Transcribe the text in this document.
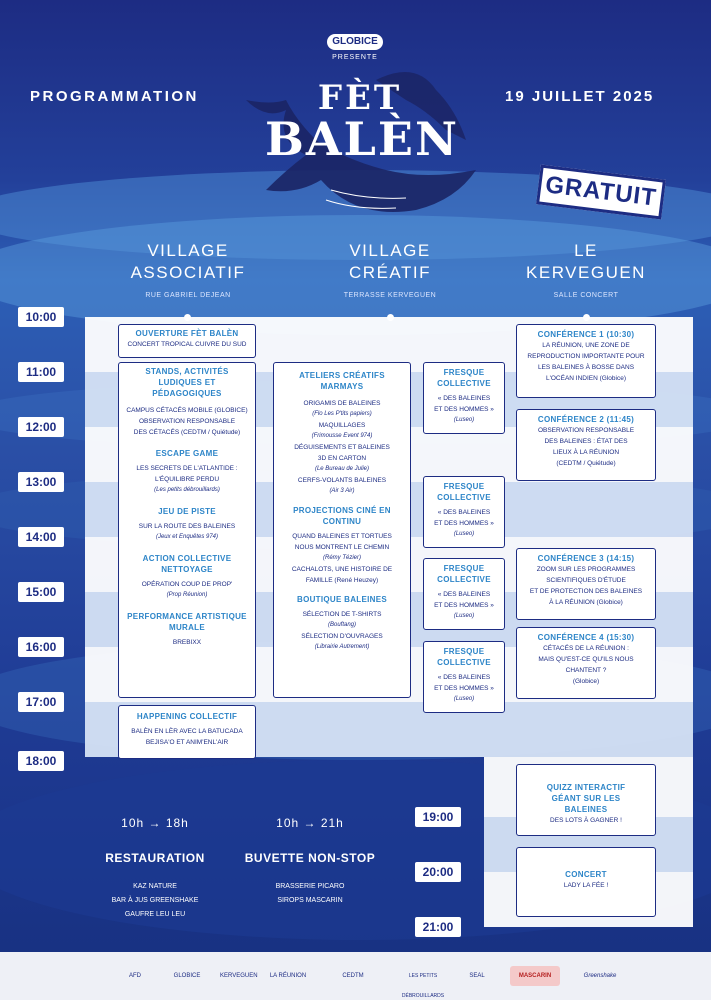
GLOBICE
PRESENTE
PROGRAMMATION	19 JUILLET 2025
FÈT
BALÈN
GRATUIT
VILLAGE
ASSOCIATIF
RUE GABRIEL DEJEAN
VILLAGE
CRÉATIF
TERRASSE KERVEGUEN
LE
KERVEGUEN
SALLE CONCERT
10:00
11:00
12:00
13:00
14:00
15:00
16:00
17:00
18:00
19:00
20:00
21:00
OUVERTURE FÈT BALÈN
CONCERT TROPICAL CUIVRE DU SUD
STANDS, ACTIVITÉS LUDIQUES ET PÉDAGOGIQUES
CAMPUS CÉTACÉS MOBILE (GLOBICE)
OBSERVATION RESPONSABLE
DES CÉTACÉS (CEDTM / Quiétude)
ESCAPE GAME
LES SECRETS DE L'ATLANTIDE :
L'ÉQUILIBRE PERDU
(Les petits débrouillards)
JEU DE PISTE
SUR LA ROUTE DES BALEINES
(Jeux et Enquêtes 974)
ACTION COLLECTIVE NETTOYAGE
OPÉRATION COUP DE PROP'
(Prop Réunion)
PERFORMANCE ARTISTIQUE MURALE
BREBIXX
HAPPENING COLLECTIF
BALÈN EN LÈR AVEC LA BATUCADA
BEJISA'O ET ANIM'ENL'AIR
ATELIERS CRÉATIFS MARMAYS
ORIGAMIS DE BALEINES
(Flo Les P'tits papiers)
MAQUILLAGES
(Frimousse Event 974)
DÉGUISEMENTS ET BALEINES
3D EN CARTON
(Le Bureau de Julie)
CERFS-VOLANTS BALEINES
(Air 3 Air)
PROJECTIONS CINÉ EN CONTINU
QUAND BALEINES ET TORTUES
NOUS MONTRENT LE CHEMIN
(Rémy Tézier)
CACHALOTS, UNE HISTOIRE DE
FAMILLE (René Heuzey)
BOUTIQUE BALEINES
SÉLECTION DE T-SHIRTS
(Bouftang)
SÉLECTION D'OUVRAGES
(Librairie Autrement)
FRESQUE COLLECTIVE
« DES BALEINES
ET DES HOMMES »
(Luseo)
FRESQUE COLLECTIVE
« DES BALEINES
ET DES HOMMES »
(Luseo)
FRESQUE COLLECTIVE
« DES BALEINES
ET DES HOMMES »
(Luseo)
FRESQUE COLLECTIVE
« DES BALEINES
ET DES HOMMES »
(Luseo)
CONFÉRENCE 1 (10:30)
LA RÉUNION, UNE ZONE DE
REPRODUCTION IMPORTANTE POUR
LES BALEINES À BOSSE DANS
L'OCÉAN INDIEN (Globice)
CONFÉRENCE 2 (11:45)
OBSERVATION RESPONSABLE
DES BALEINES : ÉTAT DES
LIEUX À LA RÉUNION
(CEDTM / Quiétude)
CONFÉRENCE 3 (14:15)
ZOOM SUR LES PROGRAMMES
SCIENTIFIQUES D'ÉTUDE
ET DE PROTECTION DES BALEINES
À LA RÉUNION (Globice)
CONFÉRENCE 4 (15:30)
CÉTACÉS DE LA RÉUNION :
MAIS QU'EST-CE QU'ILS NOUS
CHANTENT ?
(Globice)
QUIZZ INTERACTIF GÉANT SUR LES BALEINES
DES LOTS À GAGNER !
CONCERT
LADY LA FÉE !
10h → 18h
RESTAURATION
KAZ NATURE
BAR À JUS GREENSHAKE
GAUFRE LEU LEU
10h → 21h
BUVETTE NON-STOP
BRASSERIE PICARO
SIROPS MASCARIN
AFD	GLOBICE	KERVEGUEN	LA RÉUNION	CEDTM	LES PETITS DÉBROUILLARDS
SEAL	MASCARIN	Greenshake
